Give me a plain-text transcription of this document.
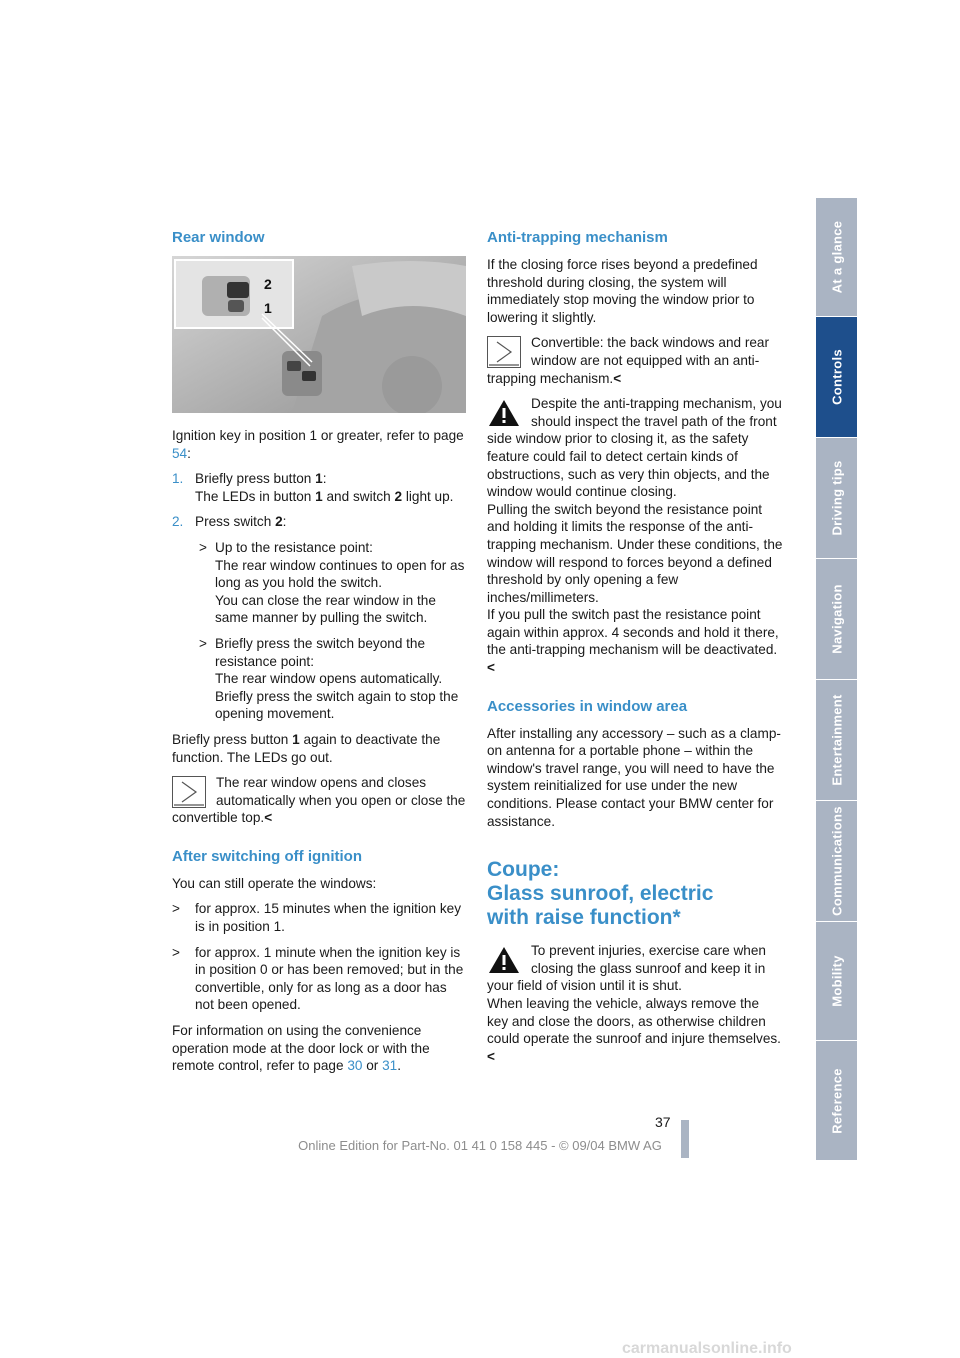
Rear window
2
1

Ignition key in position 1 or greater, refer to page 54:

1. Briefly press button 1:
The LEDs in button 1 and switch 2 light up.
2. Press switch 2:
> Up to the resistance point:
The rear window continues to open for as long as you hold the switch.
You can close the rear window in the same manner by pulling the switch.
> Briefly press the switch beyond the resistance point:
The rear window opens automatically. Briefly press the switch again to stop the opening movement.

Briefly press button 1 again to deactivate the function. The LEDs go out.

The rear window opens and closes automatically when you open or close the convertible top.<
After switching off ignition

You can still operate the windows:

> for approx. 15 minutes when the ignition key is in position 1.
> for approx. 1 minute when the ignition key is in position 0 or has been removed; but in the convertible, only for as long as a door has not been opened.

For information on using the convenience operation mode at the door lock or with the remote control, refer to page 30 or 31.

Anti-trapping mechanism

If the closing force rises beyond a predefined threshold during closing, the system will immediately stop moving the window prior to lowering it slightly.

Convertible: the back windows and rear window are not equipped with an anti-trapping mechanism.<
Despite the anti-trapping mechanism, you should inspect the travel path of the front side window prior to closing it, as the safety feature could fail to detect certain kinds of obstructions, such as very thin objects, and the window would continue closing.
Pulling the switch beyond the resistance point and holding it limits the response of the anti-trapping mechanism. Under these conditions, the window will respond to forces beyond a defined threshold by only opening a few inches/millimeters.
If you pull the switch past the resistance point again within approx. 4 seconds and hold it there, the anti-trapping mechanism will be deactivated.<
Accessories in window area

After installing any accessory – such as a clamp-on antenna for a portable phone – within the window's travel range, you will need to have the system reinitialized for use under the new conditions. Please contact your BMW center for assistance.

Coupe:
Glass sunroof, electric
with raise function*
To prevent injuries, exercise care when closing the glass sunroof and keep it in your field of vision until it is shut.
When leaving the vehicle, always remove the key and close the doors, as otherwise children could operate the sunroof and injure themselves.<
At a glance
Controls
Driving tips
Navigation
Entertainment
Communications
Mobility
Reference
37
Online Edition for Part-No. 01 41 0 158 445 - © 09/04 BMW AG
carmanualsonline.info
